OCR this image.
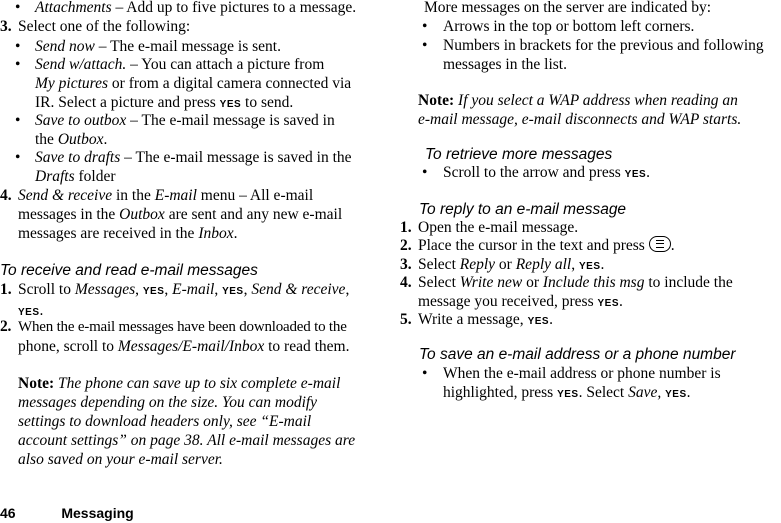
• Attachments – Add up to five pictures to a message.
3. Select one of the following:
• Send now – The e-mail message is sent.
• Send w/attach. – You can attach a picture from
My pictures or from a digital camera connected via
IR. Select a picture and press YES to send.
• Save to outbox – The e-mail message is saved in
the Outbox.
• Save to drafts – The e-mail message is saved in the
Drafts folder
4. Send & receive in the E-mail menu – All e-mail
messages in the Outbox are sent and any new e-mail
messages are received in the Inbox.
To receive and read e-mail messages
1. Scroll to Messages, YES, E-mail, YES, Send & receive,
YES.
2. When the e-mail messages have been downloaded to the
phone, scroll to Messages/E-mail/Inbox to read them.
Note: The phone can save up to six complete e-mail
messages depending on the size. You can modify
settings to download headers only, see “E-mail
account settings” on page 38. All e-mail messages are
also saved on your e-mail server.
More messages on the server are indicated by:
• Arrows in the top or bottom left corners.
• Numbers in brackets for the previous and following
messages in the list.
Note: If you select a WAP address when reading an
e-mail message, e-mail disconnects and WAP starts.
To retrieve more messages
• Scroll to the arrow and press YES.
To reply to an e-mail message
1. Open the e-mail message.
2. Place the cursor in the text and press .
3. Select Reply or Reply all, YES.
4. Select Write new or Include this msg to include the
message you received, press YES.
5. Write a message, YES.
To save an e-mail address or a phone number
• When the e-mail address or phone number is
highlighted, press YES. Select Save, YES.
46	Messaging
